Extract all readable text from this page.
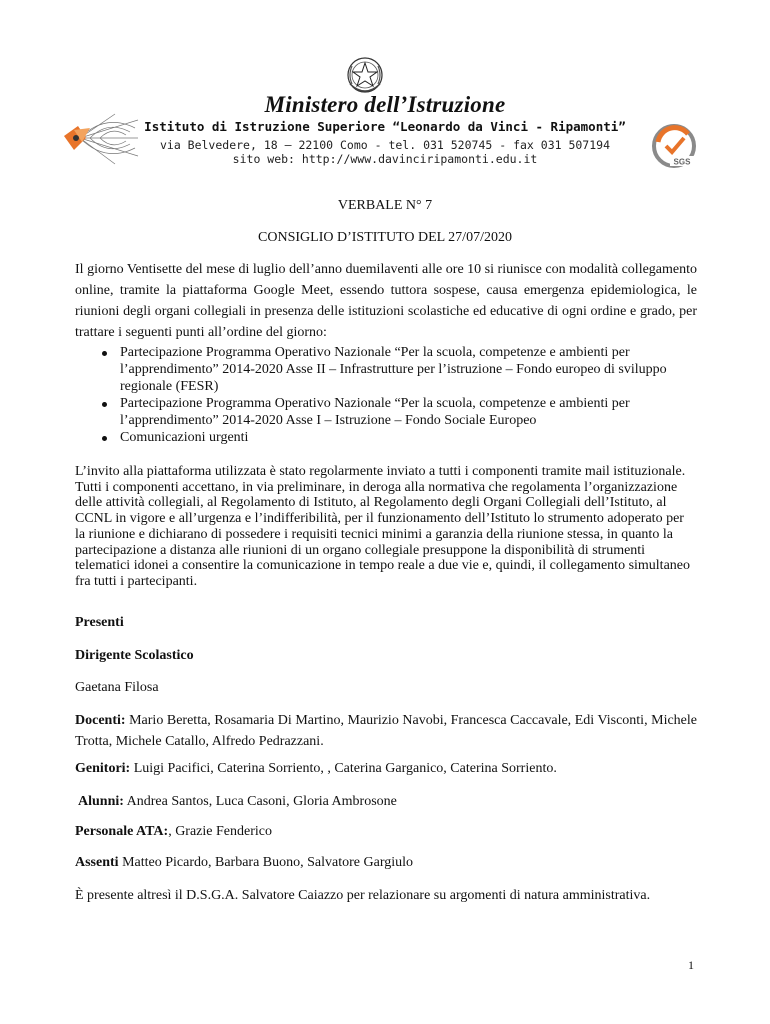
Ministero dell’Istruzione
Istituto di Istruzione Superiore “Leonardo da Vinci - Ripamonti”
via Belvedere, 18 – 22100 Como - tel. 031 520745 - fax 031 507194
sito web: http://www.davinciripamonti.edu.it	SGS
VERBALE N° 7
CONSIGLIO D’ISTITUTO DEL 27/07/2020
Il giorno Ventisette del mese di luglio dell’anno duemilaventi alle ore 10 si riunisce con modalità collegamento online, tramite la piattaforma Google Meet, essendo tuttora sospese, causa emergenza epidemiologica, le riunioni degli organi collegiali in presenza delle istituzioni scolastiche ed educative di ogni ordine e grado, per trattare i seguenti punti all’ordine del giorno:
Partecipazione Programma Operativo Nazionale “Per la scuola, competenze e ambienti per l’apprendimento” 2014-2020 Asse II – Infrastrutture per l’istruzione – Fondo europeo di sviluppo regionale (FESR)
Partecipazione Programma Operativo Nazionale “Per la scuola, competenze e ambienti per l’apprendimento” 2014-2020 Asse I – Istruzione – Fondo Sociale Europeo
Comunicazioni urgenti
L’invito alla piattaforma utilizzata è stato regolarmente inviato a tutti i componenti tramite mail istituzionale. Tutti i componenti accettano, in via preliminare, in deroga alla normativa che regolamenta l’organizzazione delle attività collegiali, al Regolamento di Istituto, al Regolamento degli Organi Collegiali dell’Istituto, al CCNL in vigore e all’urgenza e l’indifferibilità, per il funzionamento dell’Istituto lo strumento adoperato per la riunione e dichiarano di possedere i requisiti tecnici minimi a garanzia della riunione stessa, in quanto la partecipazione a distanza alle riunioni di un organo collegiale presuppone la disponibilità di strumenti telematici idonei a consentire la comunicazione in tempo reale a due vie e, quindi, il collegamento simultaneo fra tutti i partecipanti.
Presenti
Dirigente Scolastico
Gaetana Filosa
Docenti: Mario Beretta, Rosamaria Di Martino, Maurizio Navobi, Francesca Caccavale, Edi Visconti, Michele Trotta, Michele Catallo, Alfredo Pedrazzani.
Genitori: Luigi Pacifici, Caterina Sorriento, , Caterina Garganico, Caterina Sorriento.
Alunni: Andrea Santos, Luca Casoni, Gloria Ambrosone
Personale ATA:, Grazie Fenderico
Assenti Matteo Picardo, Barbara Buono, Salvatore Gargiulo
È presente altresì il D.S.G.A. Salvatore Caiazzo per relazionare su argomenti di natura amministrativa.
1
